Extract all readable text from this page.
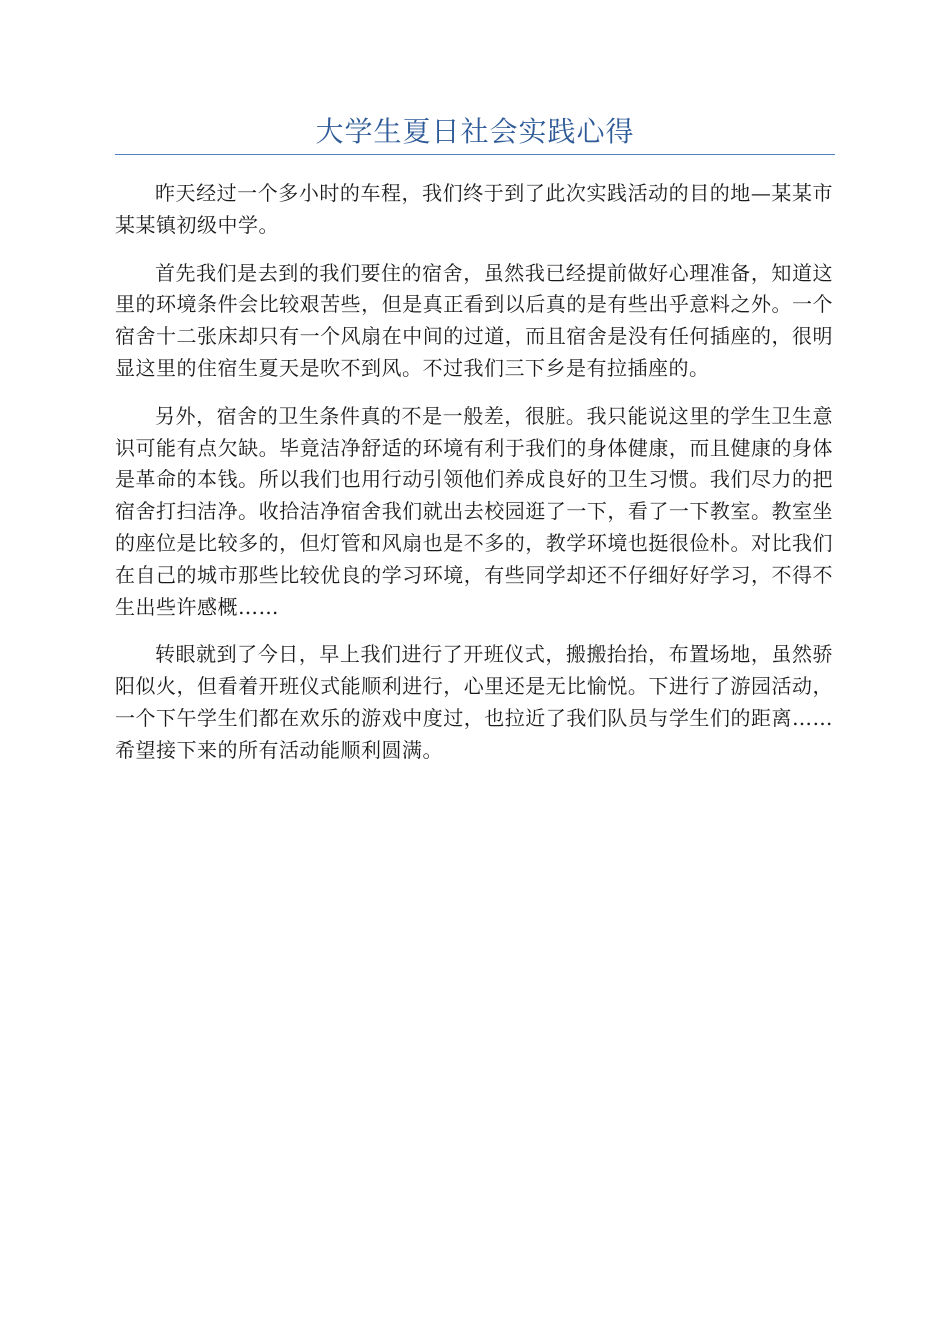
大学生夏日社会实践心得

昨天经过一个多小时的车程，我们终于到了此次实践活动的目的地—某某市某某镇初级中学。

首先我们是去到的我们要住的宿舍，虽然我已经提前做好心理准备，知道这里的环境条件会比较艰苦些，但是真正看到以后真的是有些出乎意料之外。一个宿舍十二张床却只有一个风扇在中间的过道，而且宿舍是没有任何插座的，很明显这里的住宿生夏天是吹不到风。不过我们三下乡是有拉插座的。

另外，宿舍的卫生条件真的不是一般差，很脏。我只能说这里的学生卫生意识可能有点欠缺。毕竟洁净舒适的环境有利于我们的身体健康，而且健康的身体是革命的本钱。所以我们也用行动引领他们养成良好的卫生习惯。我们尽力的把宿舍打扫洁净。收拾洁净宿舍我们就出去校园逛了一下，看了一下教室。教室坐的座位是比较多的，但灯管和风扇也是不多的，教学环境也挺很俭朴。对比我们在自己的城市那些比较优良的学习环境，有些同学却还不仔细好好学习，不得不生出些许感概……

转眼就到了今日，早上我们进行了开班仪式，搬搬抬抬，布置场地，虽然骄阳似火，但看着开班仪式能顺利进行，心里还是无比愉悦。下进行了游园活动，一个下午学生们都在欢乐的游戏中度过，也拉近了我们队员与学生们的距离……希望接下来的所有活动能顺利圆满。
